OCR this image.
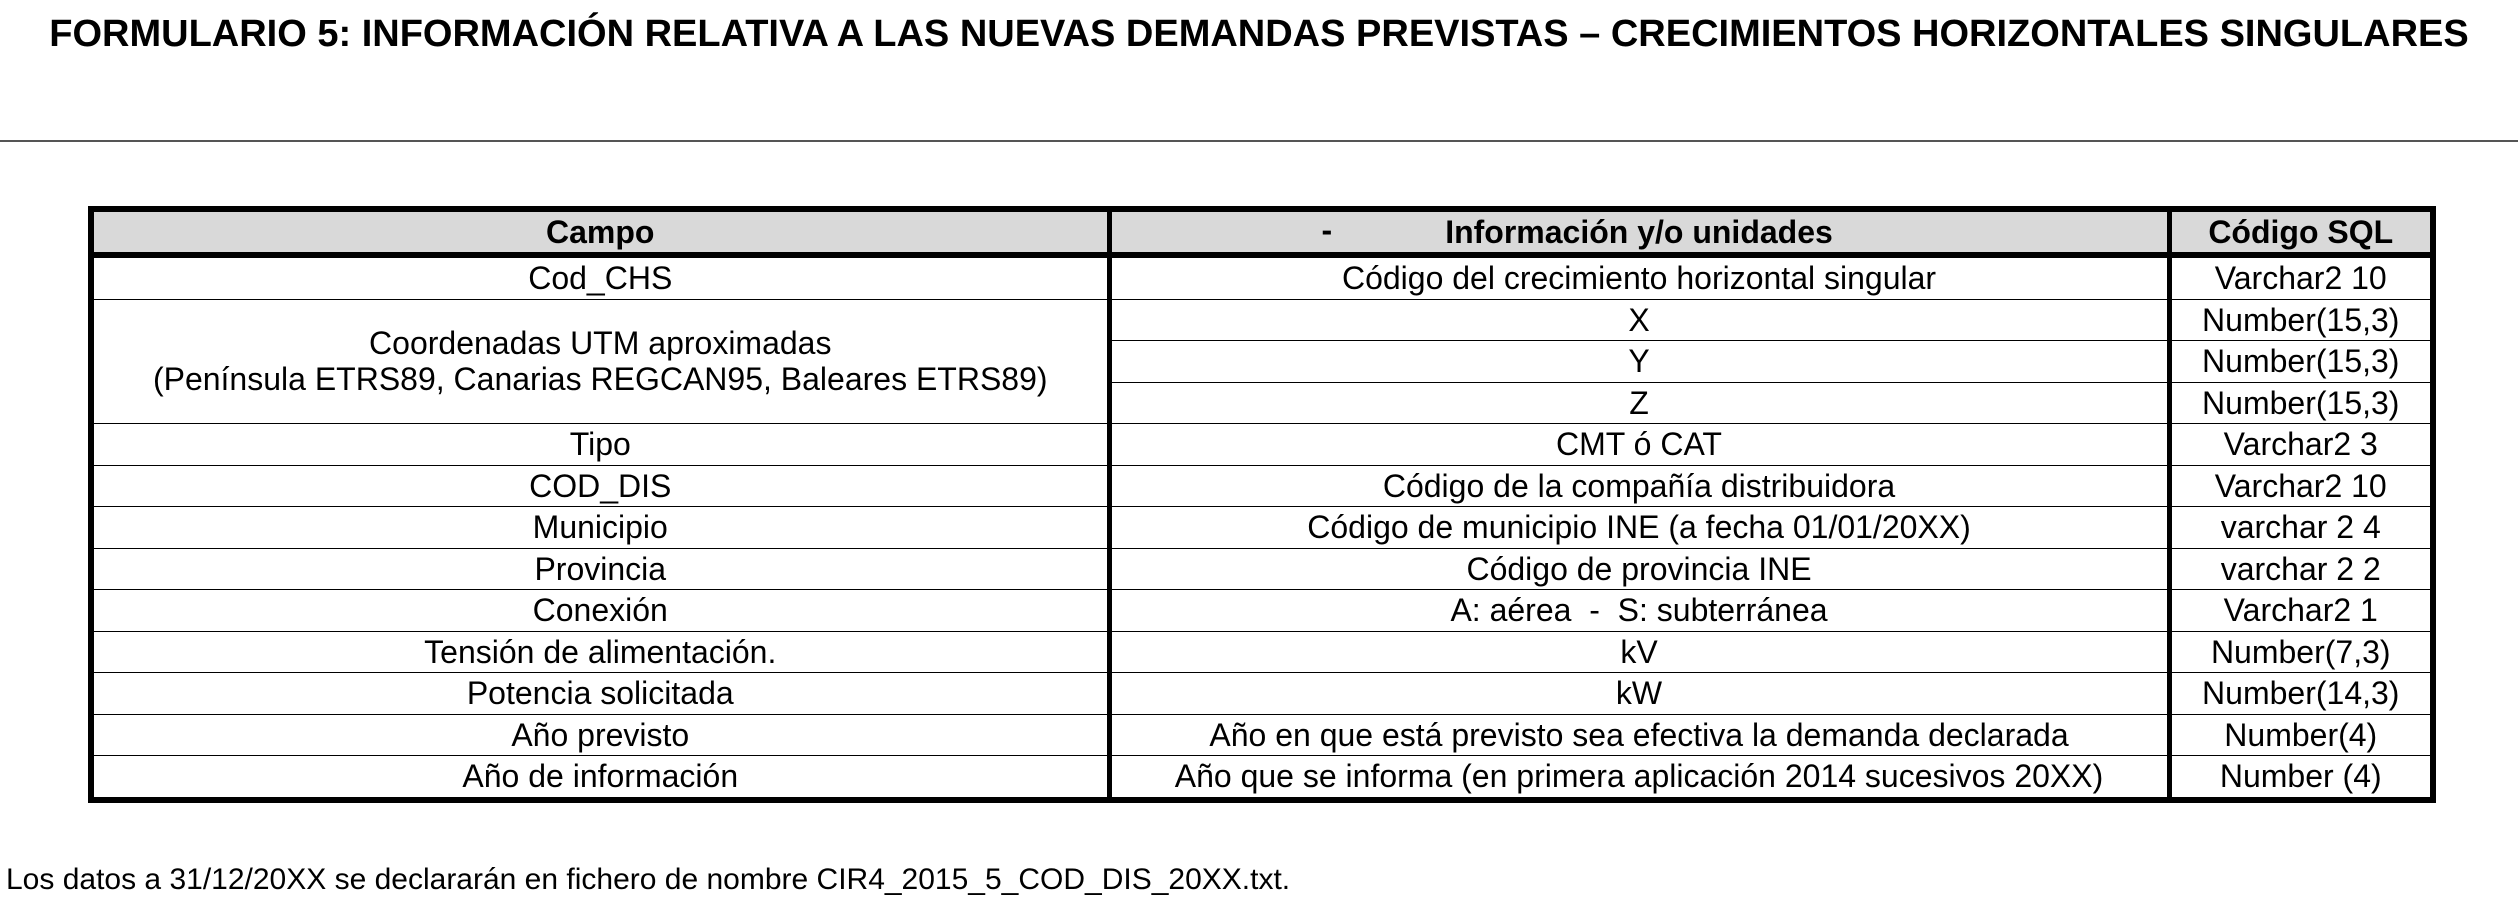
FORMULARIO 5: INFORMACIÓN RELATIVA A LAS NUEVAS DEMANDAS PREVISTAS – CRECIMIENTOS HORIZONTALES SINGULARES
Campo	- Información y/o unidades	Código SQL
Cod_CHS	Código del crecimiento horizontal singular	Varchar2 10

Coordenadas UTM aproximadas
(Península ETRS89, Canarias REGCAN95, Baleares ETRS89)	X	Number(15,3)
	Y	Number(15,3)
	Z	Number(15,3)
Tipo	CMT ó CAT	Varchar2 3
COD_DIS	Código de la compañía distribuidora	Varchar2 10
Municipio	Código de municipio INE (a fecha 01/01/20XX)	varchar 2 4
Provincia	Código de provincia INE	varchar 2 2
Conexión	A: aérea  -  S: subterránea	Varchar2 1
Tensión de alimentación.	kV	Number(7,3)
Potencia solicitada	kW	Number(14,3)
Año previsto	Año en que está previsto sea efectiva la demanda declarada	Number(4)
Año de información	Año que se informa (en primera aplicación 2014 sucesivos 20XX)	Number (4)

Los datos a 31/12/20XX se declararán en fichero de nombre CIR4_2015_5_COD_DIS_20XX.txt.
